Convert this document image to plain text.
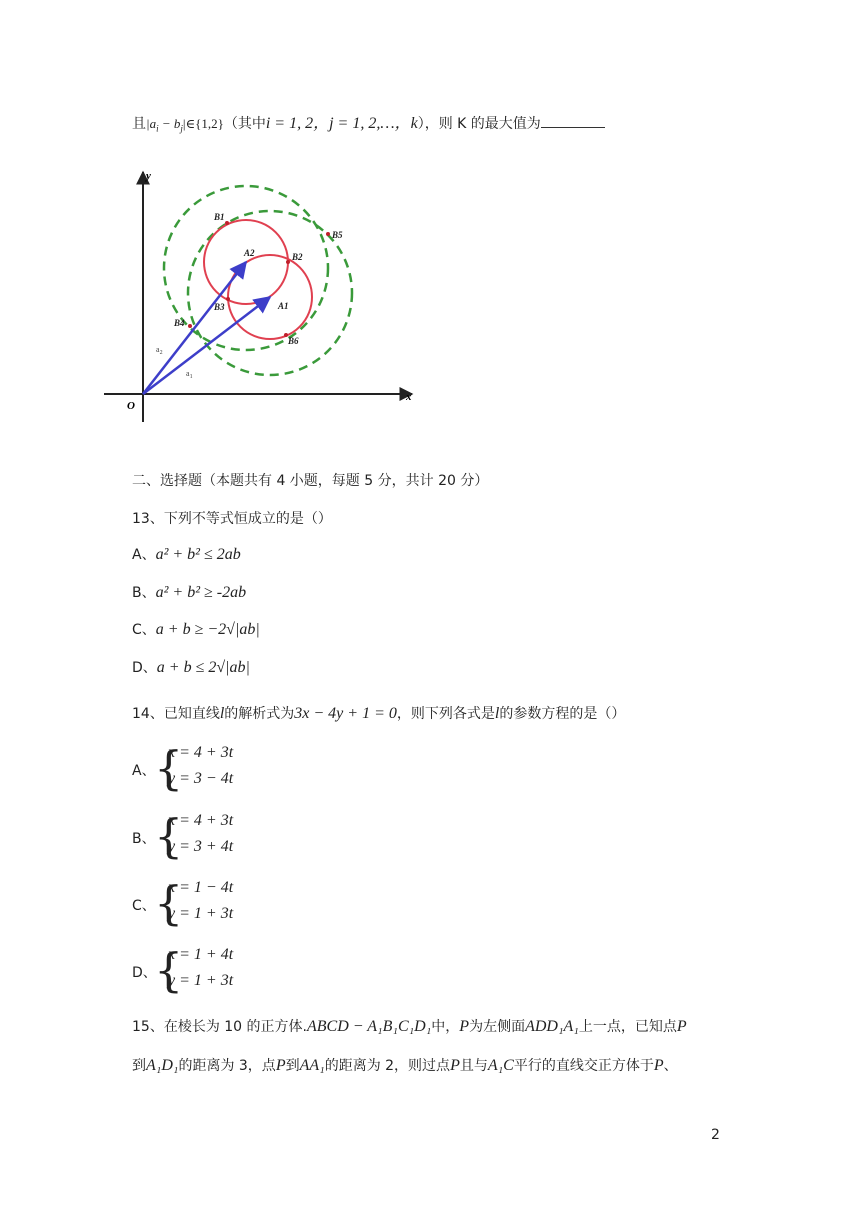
且$|a_i$ − $b_j|\in\{1,2\}$（其中i = 1, 2，j = 1, 2,…，k），则 K 的最大值为
x
y
O
B1
B2
B3
B4
B5
B6
A1
A2
$a_2$
$a_1$
二、选择题（本题共有 4 小题，每题 5 分，共计 20 分）
13、下列不等式恒成立的是（）
A、a² + b² ≤ 2ab
B、a² + b² ≥ -2ab
C、a + b ≥ −2√|ab|
D、a + b ≤ 2√|ab|
14、已知直线l的解析式为3x − 4y + 1 = 0，则下列各式是l的参数方程的是（）
A、
{
x = 4 + 3t
y = 3 − 4t
B、
{
x = 4 + 3t
y = 3 + 4t
C、
{
x = 1 − 4t
y = 1 + 3t
D、
{
x = 1 + 4t
y = 1 + 3t
15、在棱长为 10 的正方体.ABCD − A₁B₁C₁D₁中，P为左侧面ADD₁A₁上一点，已知点P
到A₁D₁的距离为 3，点P到AA₁的距离为 2，则过点P且与A₁C平行的直线交正方体于P、
2
